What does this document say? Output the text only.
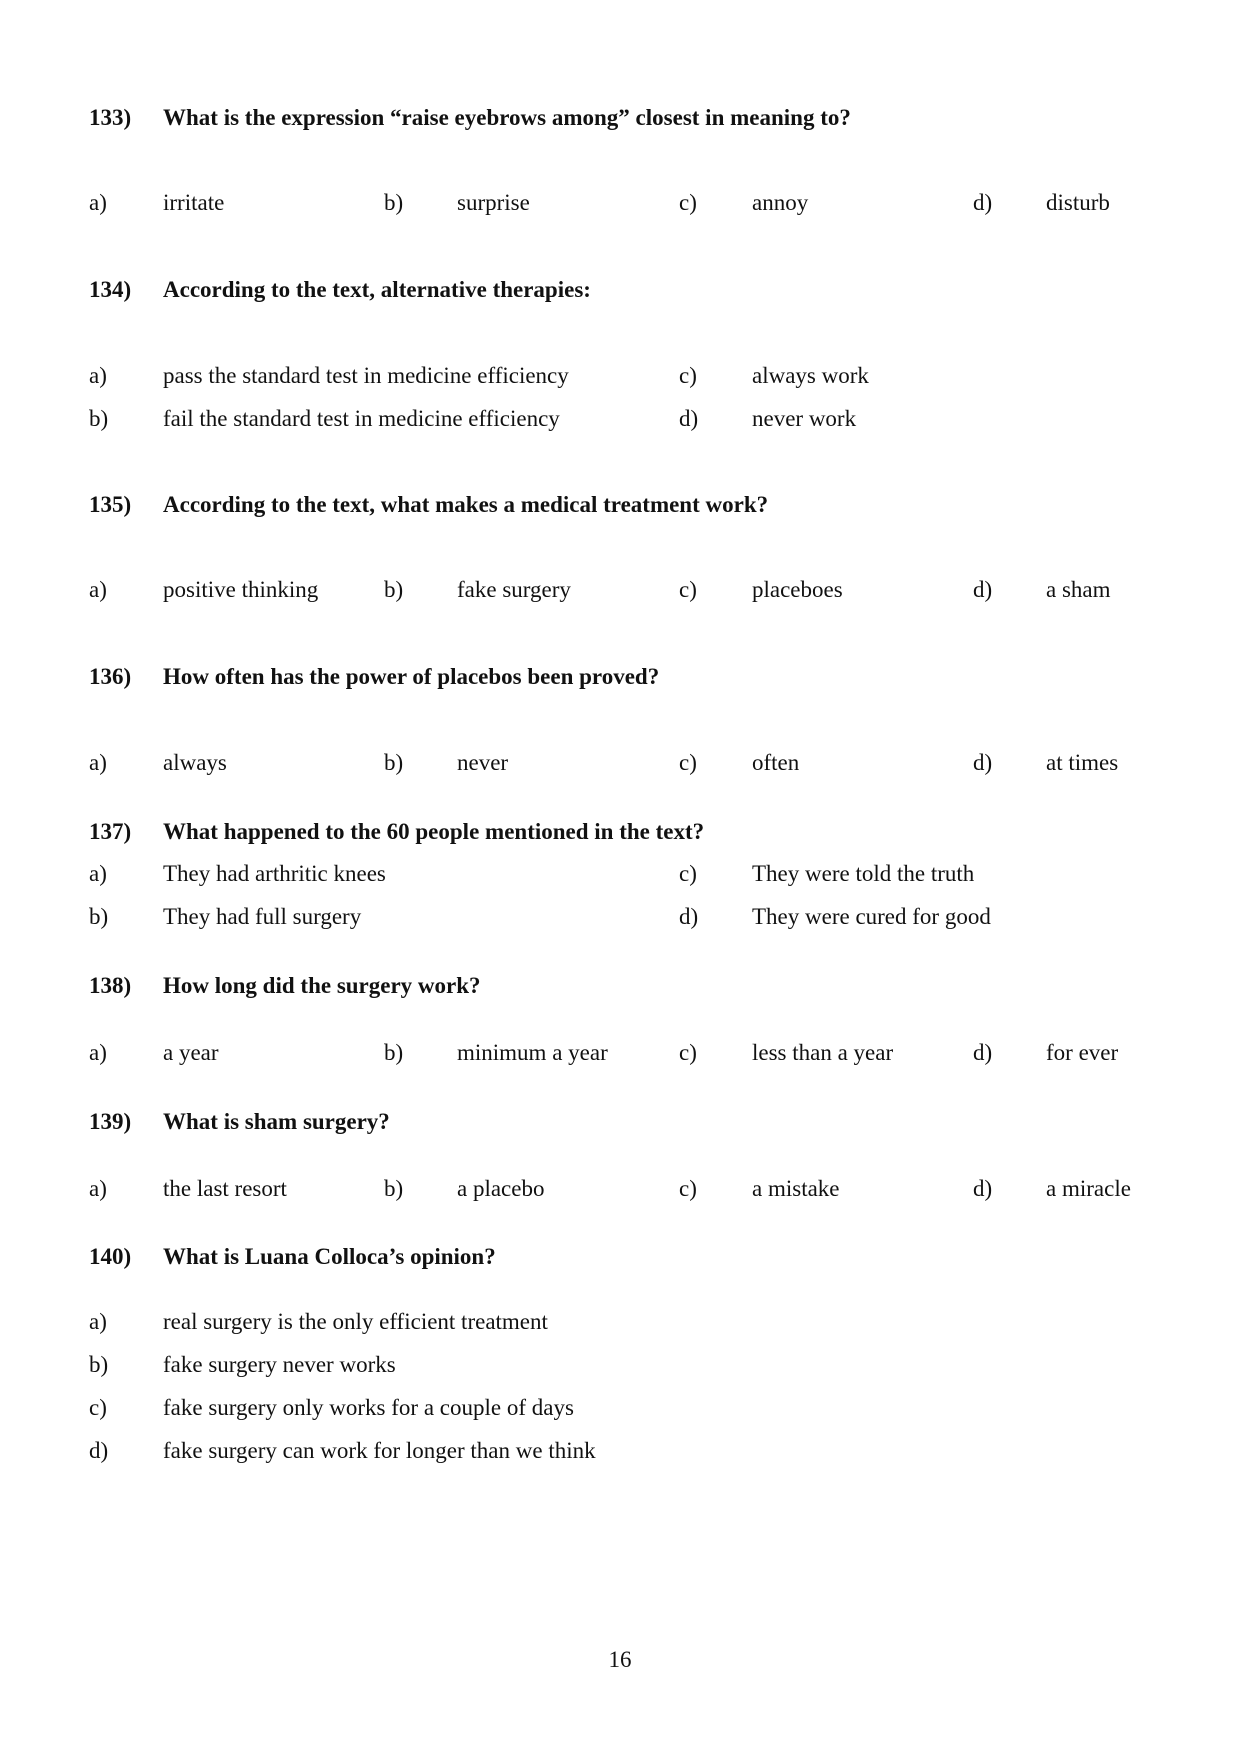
133) What is the expression “raise eyebrows among” closest in meaning to?
a) irritate	b) surprise	c) annoy	d) disturb
134) According to the text, alternative therapies:
a) pass the standard test in medicine efficiency
b) fail the standard test in medicine efficiency
c) always work
d) never work
135) According to the text, what makes a medical treatment work?
a) positive thinking	b) fake surgery	c) placeboes	d) a sham
136) How often has the power of placebos been proved?
a) always	b) never	c) often	d) at times
137) What happened to the 60 people mentioned in the text?
a) They had arthritic knees
b) They had full surgery
c) They were told the truth
d) They were cured for good
138) How long did the surgery work?
a) a year	b) minimum a year	c) less than a year	d) for ever
139) What is sham surgery?
a) the last resort	b) a placebo	c) a mistake	d) a miracle
140) What is Luana Colloca’s opinion?
a) real surgery is the only efficient treatment
b) fake surgery never works
c) fake surgery only works for a couple of days
d) fake surgery can work for longer than we think
16
